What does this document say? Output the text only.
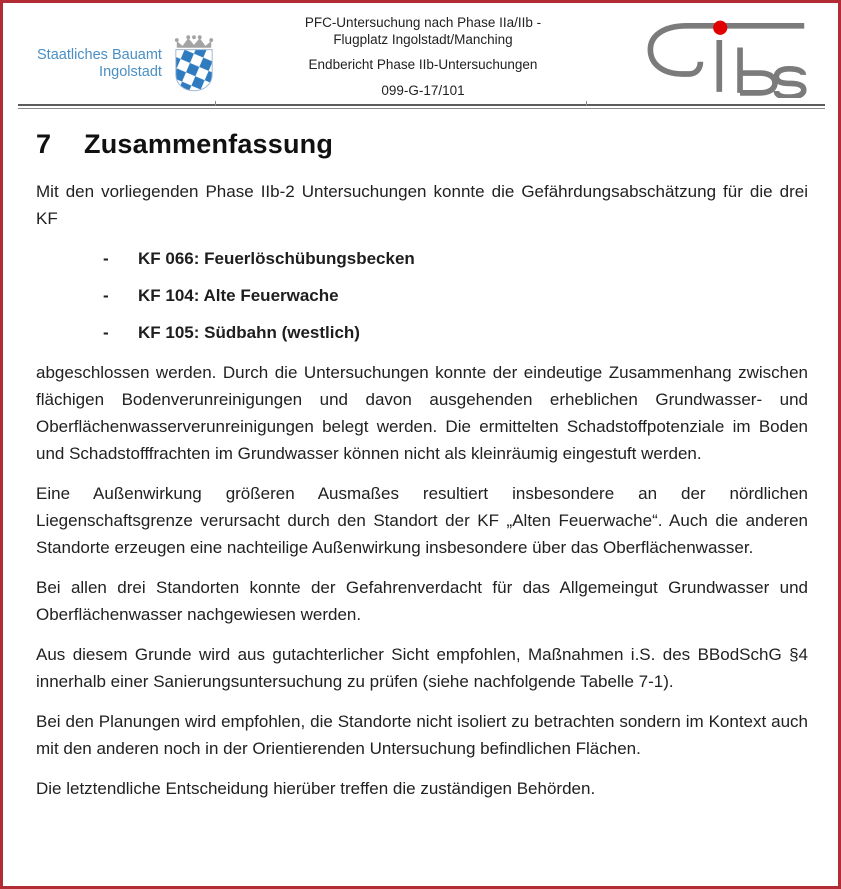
Staatliches Bauamt
Ingolstadt
PFC-Untersuchung nach Phase IIa/IIb -
Flugplatz Ingolstadt/Manching
Endbericht Phase IIb-Untersuchungen
099-G-17/101
7	Zusammenfassung

Mit den vorliegenden Phase IIb-2 Untersuchungen konnte die Gefährdungsabschätzung für die drei KF

-	KF 066: Feuerlöschübungsbecken
-	KF 104: Alte Feuerwache
-	KF 105: Südbahn (westlich)

abgeschlossen werden. Durch die Untersuchungen konnte der eindeutige Zusammenhang zwischen flächigen Bodenverunreinigungen und davon ausgehenden erheblichen Grundwasser- und Oberflächenwasserverunreinigungen belegt werden. Die ermittelten Schadstoffpotenziale im Boden und Schadstofffrachten im Grundwasser können nicht als kleinräumig eingestuft werden.

Eine Außenwirkung größeren Ausmaßes resultiert insbesondere an der nördlichen Liegenschaftsgrenze verursacht durch den Standort der KF „Alten Feuerwache“. Auch die anderen Standorte erzeugen eine nachteilige Außenwirkung insbesondere über das Oberflächenwasser.

Bei allen drei Standorten konnte der Gefahrenverdacht für das Allgemeingut Grundwasser und Oberflächenwasser nachgewiesen werden.

Aus diesem Grunde wird aus gutachterlicher Sicht empfohlen, Maßnahmen i.S. des BBodSchG §4 innerhalb einer Sanierungsuntersuchung zu prüfen (siehe nachfolgende Tabelle 7-1).

Bei den Planungen wird empfohlen, die Standorte nicht isoliert zu betrachten sondern im Kontext auch mit den anderen noch in der Orientierenden Untersuchung befindlichen Flächen.

Die letztendliche Entscheidung hierüber treffen die zuständigen Behörden.
